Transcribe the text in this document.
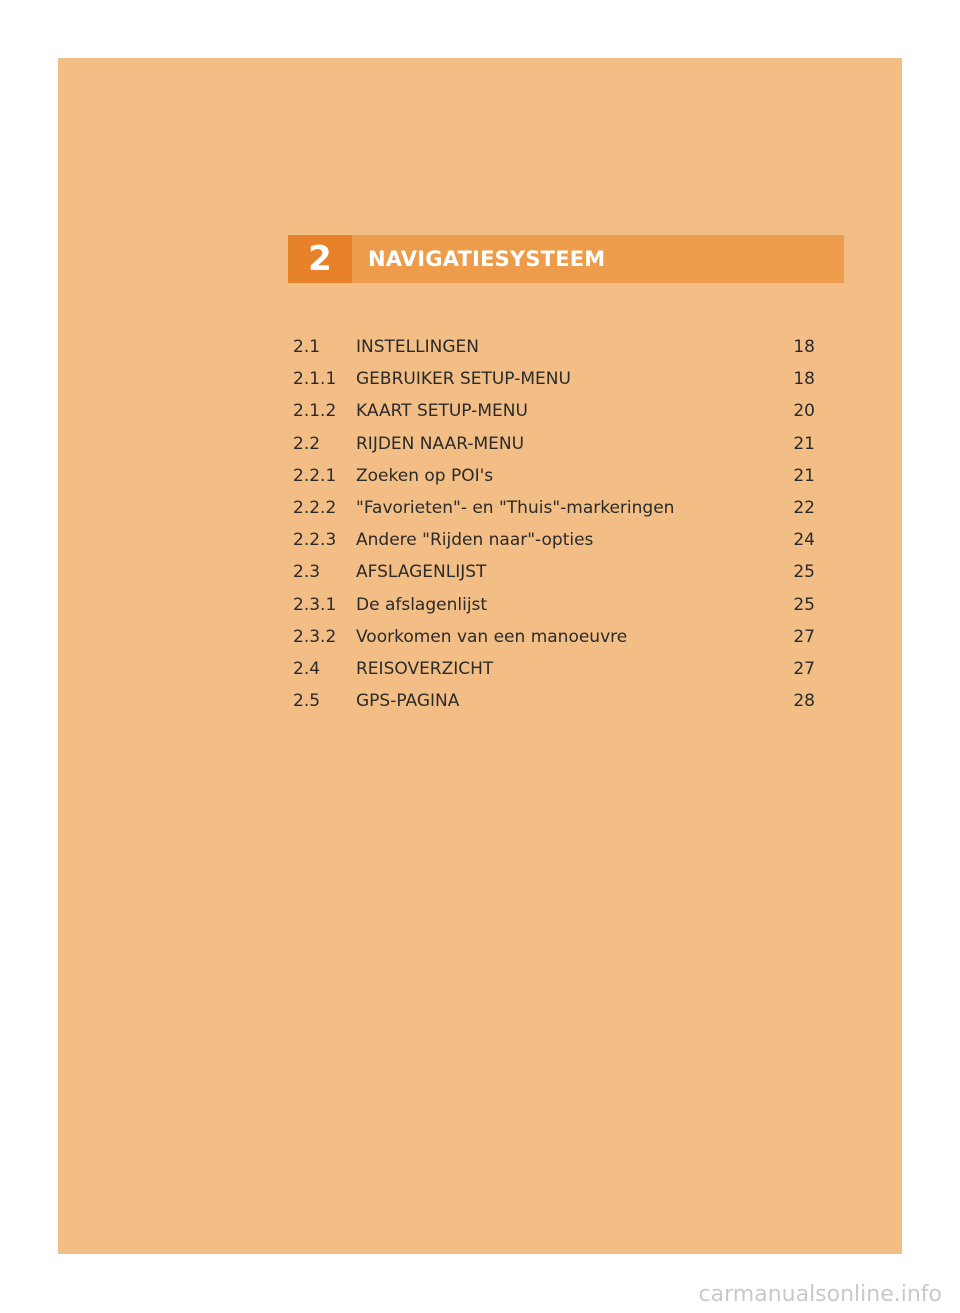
2	NAVIGATIESYSTEEM
2.1	INSTELLINGEN	18
2.1.1	GEBRUIKER SETUP-MENU	18
2.1.2	KAART SETUP-MENU	20
2.2	RIJDEN NAAR-MENU	21
2.2.1	Zoeken op POI's	21
2.2.2	"Favorieten"- en "Thuis"-markeringen	22
2.2.3	Andere "Rijden naar"-opties	24
2.3	AFSLAGENLIJST	25
2.3.1	De afslagenlijst	25
2.3.2	Voorkomen van een manoeuvre	27
2.4	REISOVERZICHT	27
2.5	GPS-PAGINA	28
carmanualsonline.info
